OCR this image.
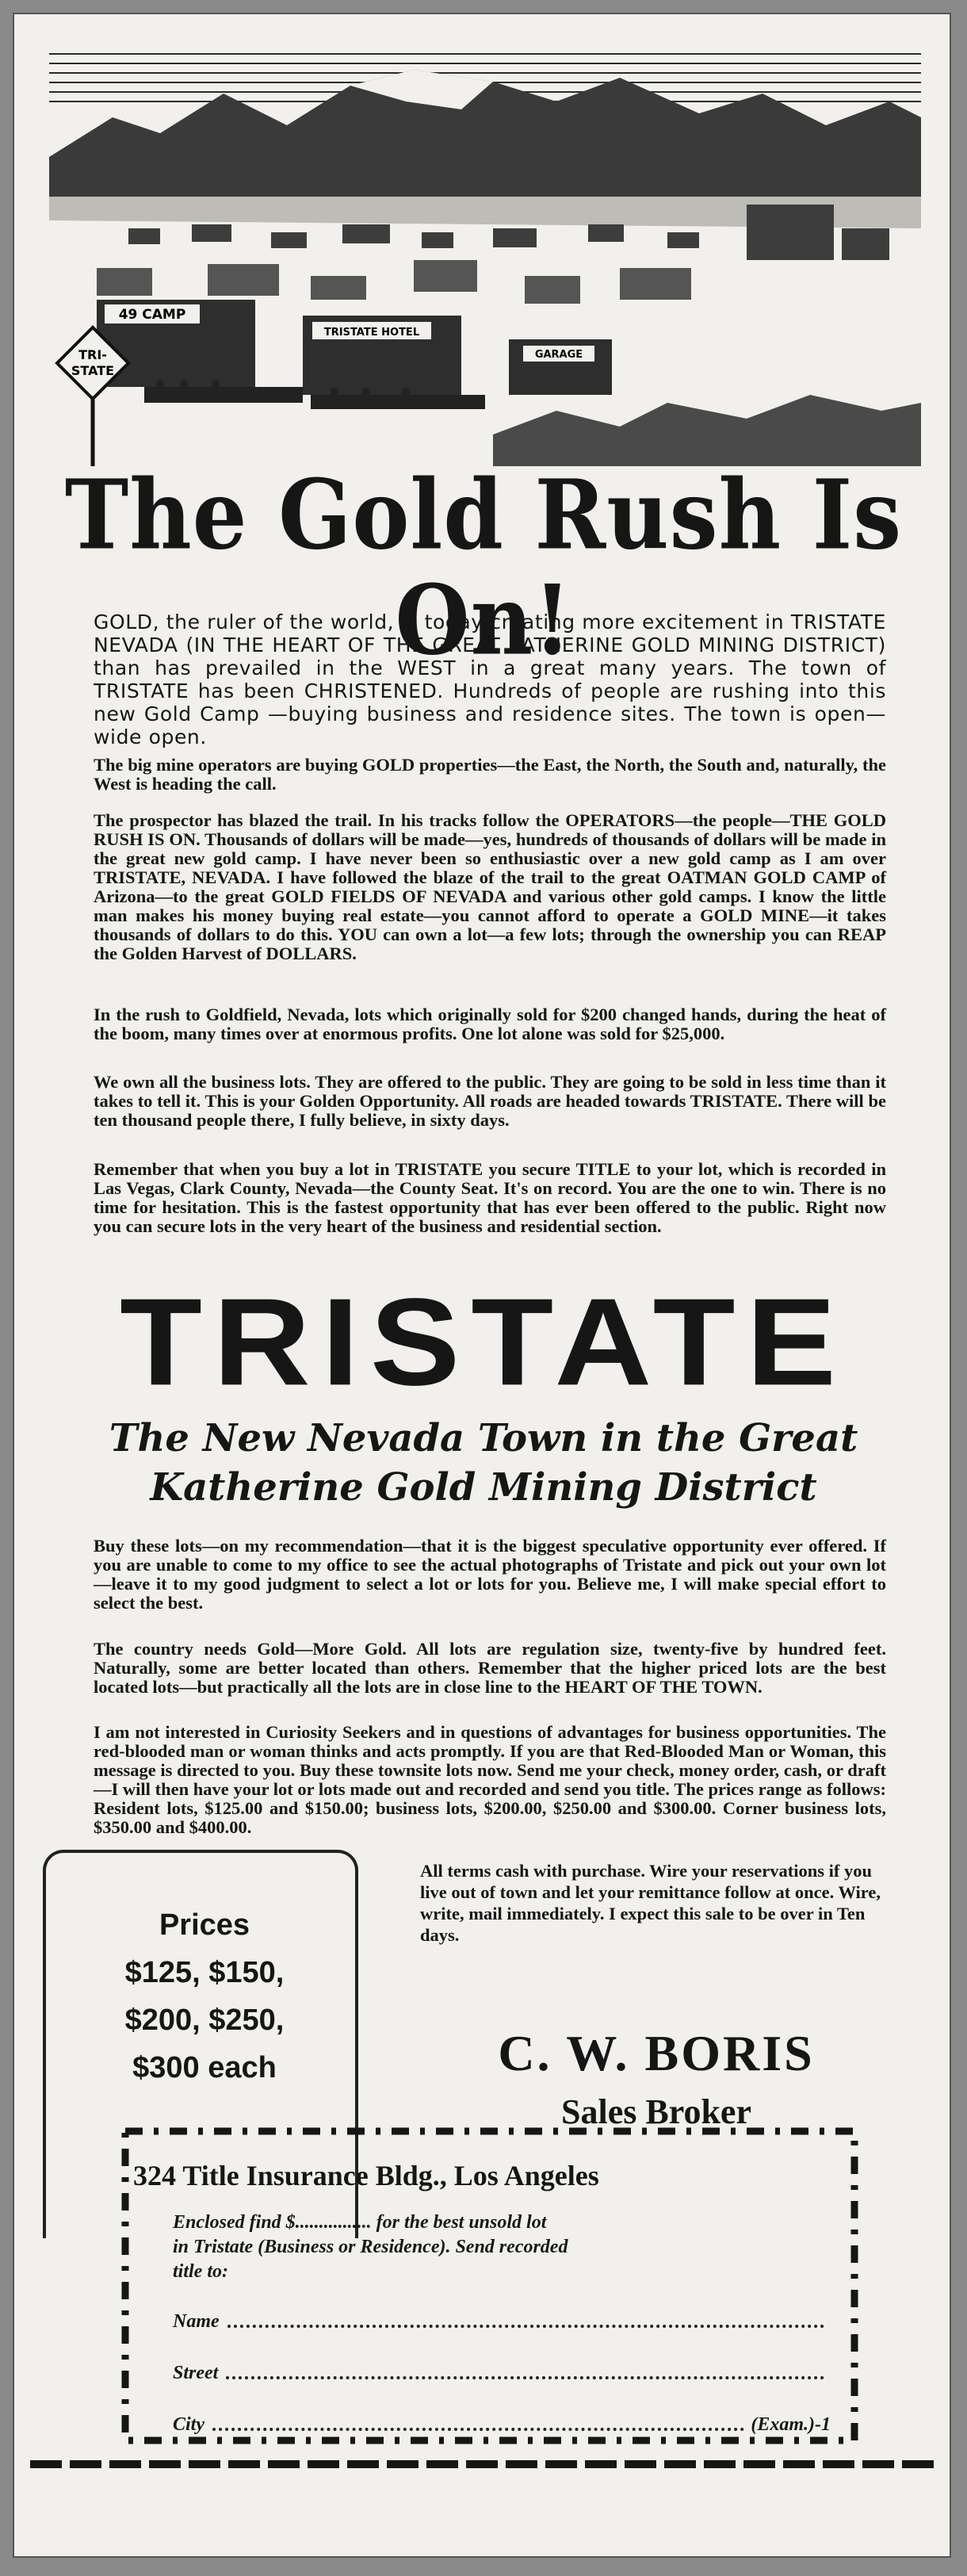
49 CAMP
TRISTATE HOTEL
GARAGE
TRI-
STATE
The Gold Rush Is On!

GOLD, the ruler of the world, is today creating more excitement in TRISTATE NEVADA (IN THE HEART OF THE GREAT KATHERINE GOLD MINING DISTRICT) than has prevailed in the WEST in a great many years. The town of TRISTATE has been CHRISTENED. Hundreds of people are rushing into this new Gold Camp —buying business and residence sites. The town is open—wide open.

The big mine operators are buying GOLD properties—the East, the North, the South and, naturally, the West is heading the call.

The prospector has blazed the trail. In his tracks follow the OPERATORS—the people—THE GOLD RUSH IS ON. Thousands of dollars will be made—yes, hundreds of thousands of dollars will be made in the great new gold camp. I have never been so enthusiastic over a new gold camp as I am over TRISTATE, NEVADA. I have followed the blaze of the trail to the great OATMAN GOLD CAMP of Arizona—to the great GOLD FIELDS OF NEVADA and various other gold camps. I know the little man makes his money buying real estate—you cannot afford to operate a GOLD MINE—it takes thousands of dollars to do this. YOU can own a lot—a few lots; through the ownership you can REAP the Golden Harvest of DOLLARS.

In the rush to Goldfield, Nevada, lots which originally sold for $200 changed hands, during the heat of the boom, many times over at enormous profits. One lot alone was sold for $25,000.

We own all the business lots. They are offered to the public. They are going to be sold in less time than it takes to tell it. This is your Golden Opportunity. All roads are headed towards TRISTATE. There will be ten thousand people there, I fully believe, in sixty days.

Remember that when you buy a lot in TRISTATE you secure TITLE to your lot, which is recorded in Las Vegas, Clark County, Nevada—the County Seat. It's on record. You are the one to win. There is no time for hesitation. This is the fastest opportunity that has ever been offered to the public. Right now you can secure lots in the very heart of the business and residential section.

TRISTATE
The New Nevada Town in the Great
Katherine Gold Mining District

Buy these lots—on my recommendation—that it is the biggest speculative opportunity ever offered. If you are unable to come to my office to see the actual photographs of Tristate and pick out your own lot—leave it to my good judgment to select a lot or lots for you. Believe me, I will make special effort to select the best.

The country needs Gold—More Gold. All lots are regulation size, twenty-five by hundred feet. Naturally, some are better located than others. Remember that the higher priced lots are the best located lots—but practically all the lots are in close line to the HEART OF THE TOWN.

I am not interested in Curiosity Seekers and in questions of advantages for business opportunities. The red-blooded man or woman thinks and acts promptly. If you are that Red-Blooded Man or Woman, this message is directed to you. Buy these townsite lots now. Send me your check, money order, cash, or draft—I will then have your lot or lots made out and recorded and send you title. The prices range as follows: Resident lots, $125.00 and $150.00; business lots, $200.00, $250.00 and $300.00. Corner business lots, $350.00 and $400.00.

Prices
$125, $150,
$200, $250,
$300 each

All terms cash with purchase. Wire your reservations if you live out of town and let your remittance follow at once. Wire, write, mail immediately. I expect this sale to be over in Ten days.

C. W. BORIS
Sales Broker
324 Title Insurance Bldg., Los Angeles
Enclosed find $................ for the best unsold lot
in Tristate (Business or Residence). Send recorded
title to:
Name
Street
City	(Exam.)-1
